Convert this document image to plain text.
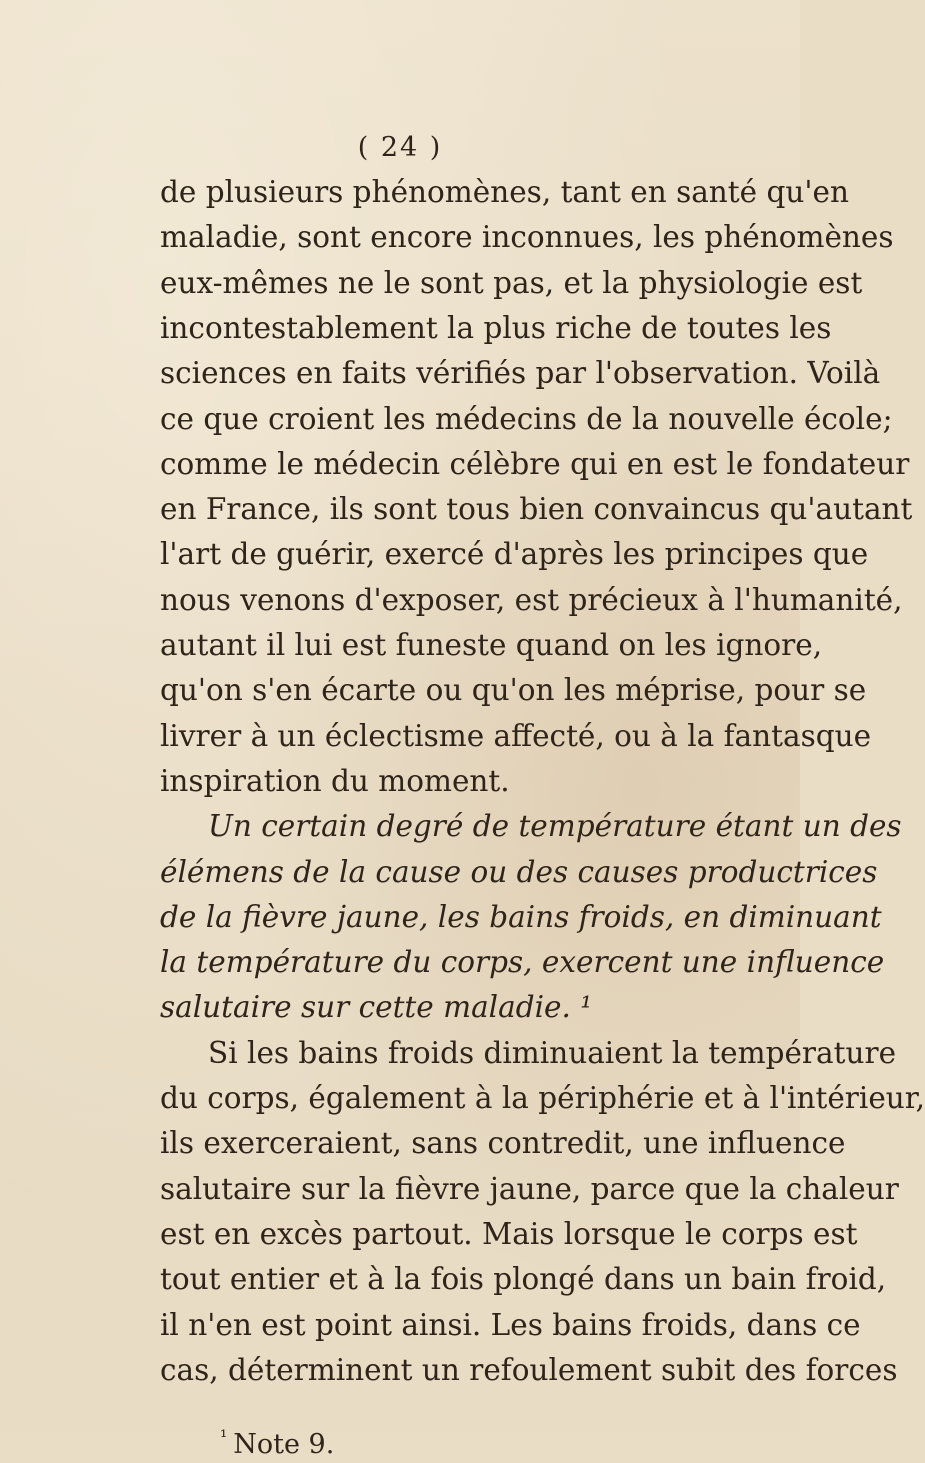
( 24 )
de plusieurs phénomènes, tant en santé qu'en
maladie, sont encore inconnues, les phénomènes
eux-mêmes ne le sont pas, et la physiologie est
incontestablement la plus riche de toutes les
sciences en faits vérifiés par l'observation. Voilà
ce que croient les médecins de la nouvelle école;
comme le médecin célèbre qui en est le fondateur
en France, ils sont tous bien convaincus qu'autant
l'art de guérir, exercé d'après les principes que
nous venons d'exposer, est précieux à l'humanité,
autant il lui est funeste quand on les ignore,
qu'on s'en écarte ou qu'on les méprise, pour se
livrer à un éclectisme affecté, ou à la fantasque
inspiration du moment.
Un certain degré de température étant un des
élémens de la cause ou des causes productrices
de la fièvre jaune, les bains froids, en diminuant
la température du corps, exercent une influence
salutaire sur cette maladie. ¹
Si les bains froids diminuaient la température
du corps, également à la périphérie et à l'intérieur,
ils exerceraient, sans contredit, une influence
salutaire sur la fièvre jaune, parce que la chaleur
est en excès partout. Mais lorsque le corps est
tout entier et à la fois plongé dans un bain froid,
il n'en est point ainsi. Les bains froids, dans ce
cas, déterminent un refoulement subit des forces
$^{^1}$ Note 9.
